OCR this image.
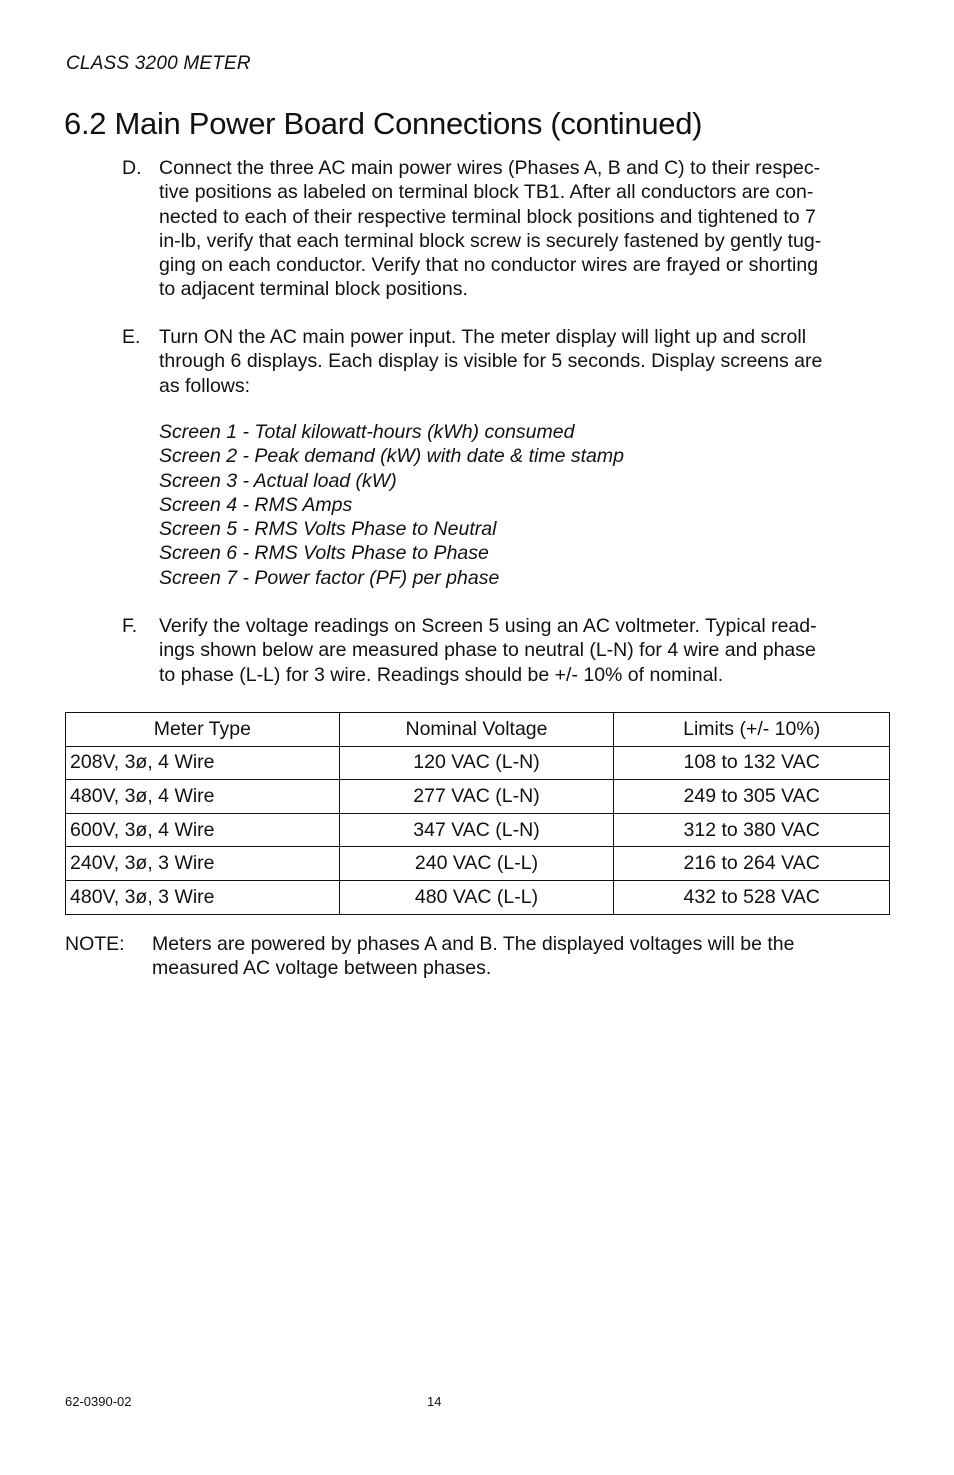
CLASS 3200 METER
6.2 Main Power Board Connections (continued)
D. Connect the three AC main power wires (Phases A, B and C) to their respec-
tive positions as labeled on terminal block TB1. After all conductors are con-
nected to each of their respective terminal block positions and tightened to 7
in-lb, verify that each terminal block screw is securely fastened by gently tug-
ging on each conductor. Verify that no conductor wires are frayed or shorting
to adjacent terminal block positions.
E. Turn ON the AC main power input. The meter display will light up and scroll
through 6 displays. Each display is visible for 5 seconds. Display screens are
as follows:
Screen 1 - Total kilowatt-hours (kWh) consumed
Screen 2 - Peak demand (kW) with date & time stamp
Screen 3 - Actual load (kW)
Screen 4 - RMS Amps
Screen 5 - RMS Volts Phase to Neutral
Screen 6 - RMS Volts Phase to Phase
Screen 7 - Power factor (PF) per phase
F. Verify the voltage readings on Screen 5 using an AC voltmeter. Typical read-
ings shown below are measured phase to neutral (L-N) for 4 wire and phase
to phase (L-L) for 3 wire. Readings should be +/- 10% of nominal.
Meter Type	Nominal Voltage	Limits (+/- 10%)
208V, 3ø, 4 Wire	120 VAC (L-N)	108 to 132 VAC
480V, 3ø, 4 Wire	277 VAC (L-N)	249 to 305 VAC
600V, 3ø, 4 Wire	347 VAC (L-N)	312 to 380 VAC
240V, 3ø, 3 Wire	240 VAC (L-L)	216 to 264 VAC
480V, 3ø, 3 Wire	480 VAC (L-L)	432 to 528 VAC
NOTE: Meters are powered by phases A and B. The displayed voltages will be the
measured AC voltage between phases.
62-0390-02	14
